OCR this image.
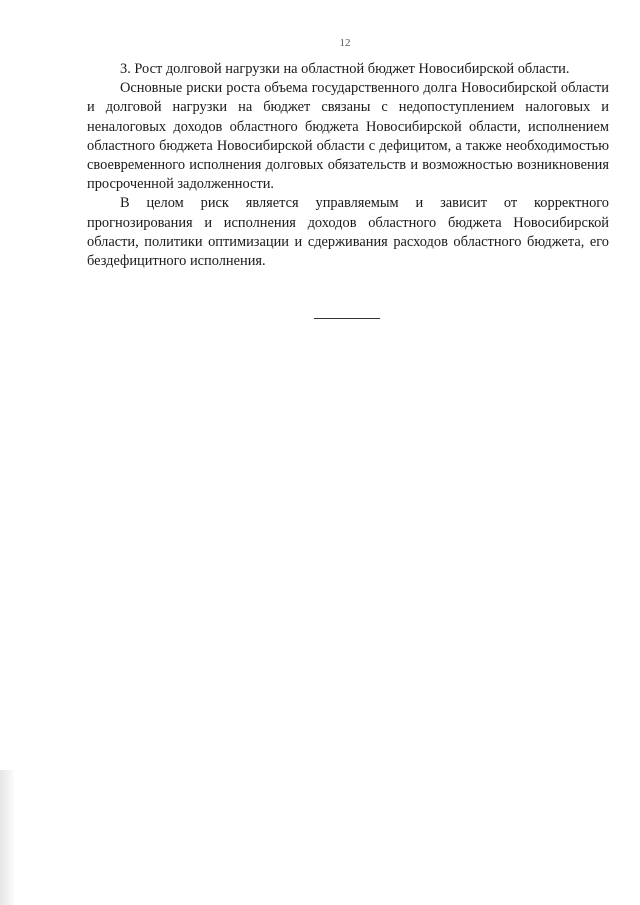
12

3. Рост долговой нагрузки на областной бюджет Новосибирской области.

Основные риски роста объема государственного долга Новосибирской области и долговой нагрузки на бюджет связаны с недопоступлением налоговых и неналоговых доходов областного бюджета Новосибирской области, исполнением областного бюджета Новосибирской области с дефицитом, а также необходимостью своевременного исполнения долговых обязательств и возможностью возникновения просроченной задолженности.

В целом риск является управляемым и зависит от корректного прогнозирования и исполнения доходов областного бюджета Новосибирской области, политики оптимизации и сдерживания расходов областного бюджета, его бездефицитного исполнения.
